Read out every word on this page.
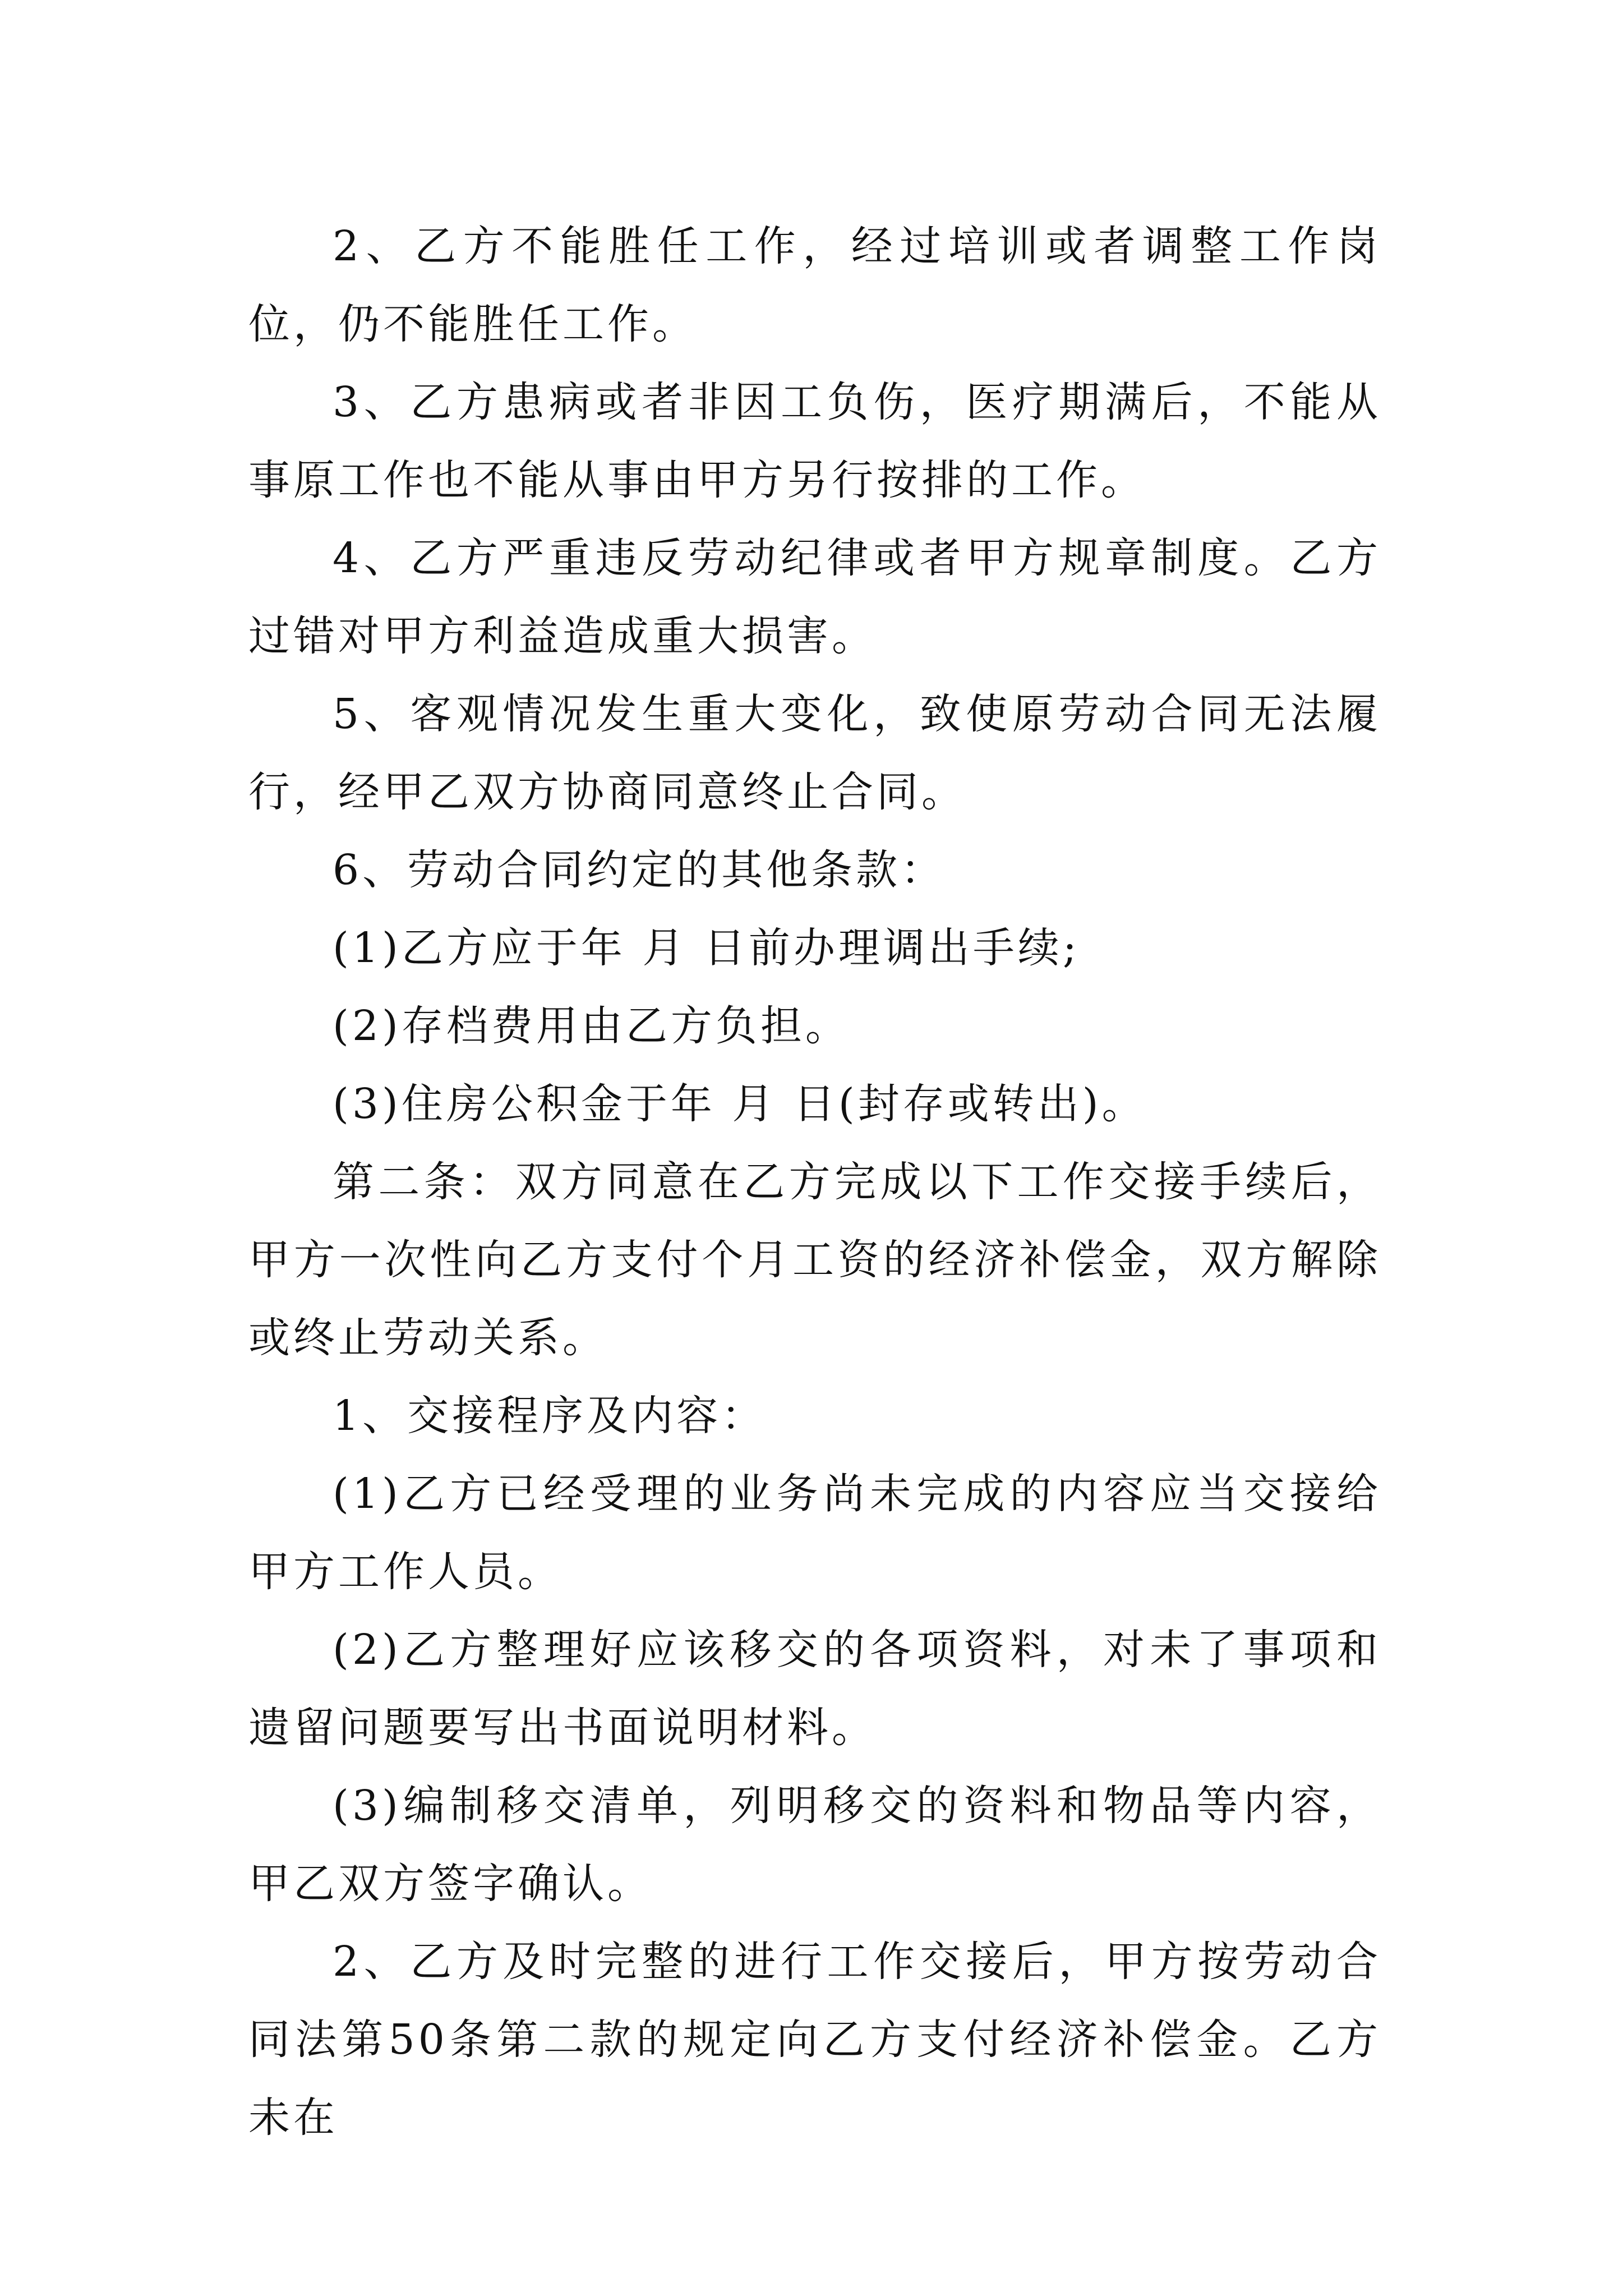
2、乙方不能胜任工作，经过培训或者调整工作岗位，仍不能胜任工作。

3、乙方患病或者非因工负伤，医疗期满后，不能从事原工作也不能从事由甲方另行按排的工作。

4、乙方严重违反劳动纪律或者甲方规章制度。乙方过错对甲方利益造成重大损害。

5、客观情况发生重大变化，致使原劳动合同无法履行，经甲乙双方协商同意终止合同。

6、劳动合同约定的其他条款：

(1)乙方应于年 月 日前办理调出手续;

(2)存档费用由乙方负担。

(3)住房公积金于年 月 日(封存或转出)。

第二条：双方同意在乙方完成以下工作交接手续后，甲方一次性向乙方支付个月工资的经济补偿金，双方解除或终止劳动关系。

1、交接程序及内容：

(1)乙方已经受理的业务尚未完成的内容应当交接给甲方工作人员。

(2)乙方整理好应该移交的各项资料，对未了事项和遗留问题要写出书面说明材料。

(3)编制移交清单，列明移交的资料和物品等内容，甲乙双方签字确认。

2、乙方及时完整的进行工作交接后，甲方按劳动合同法第50条第二款的规定向乙方支付经济补偿金。乙方未在
